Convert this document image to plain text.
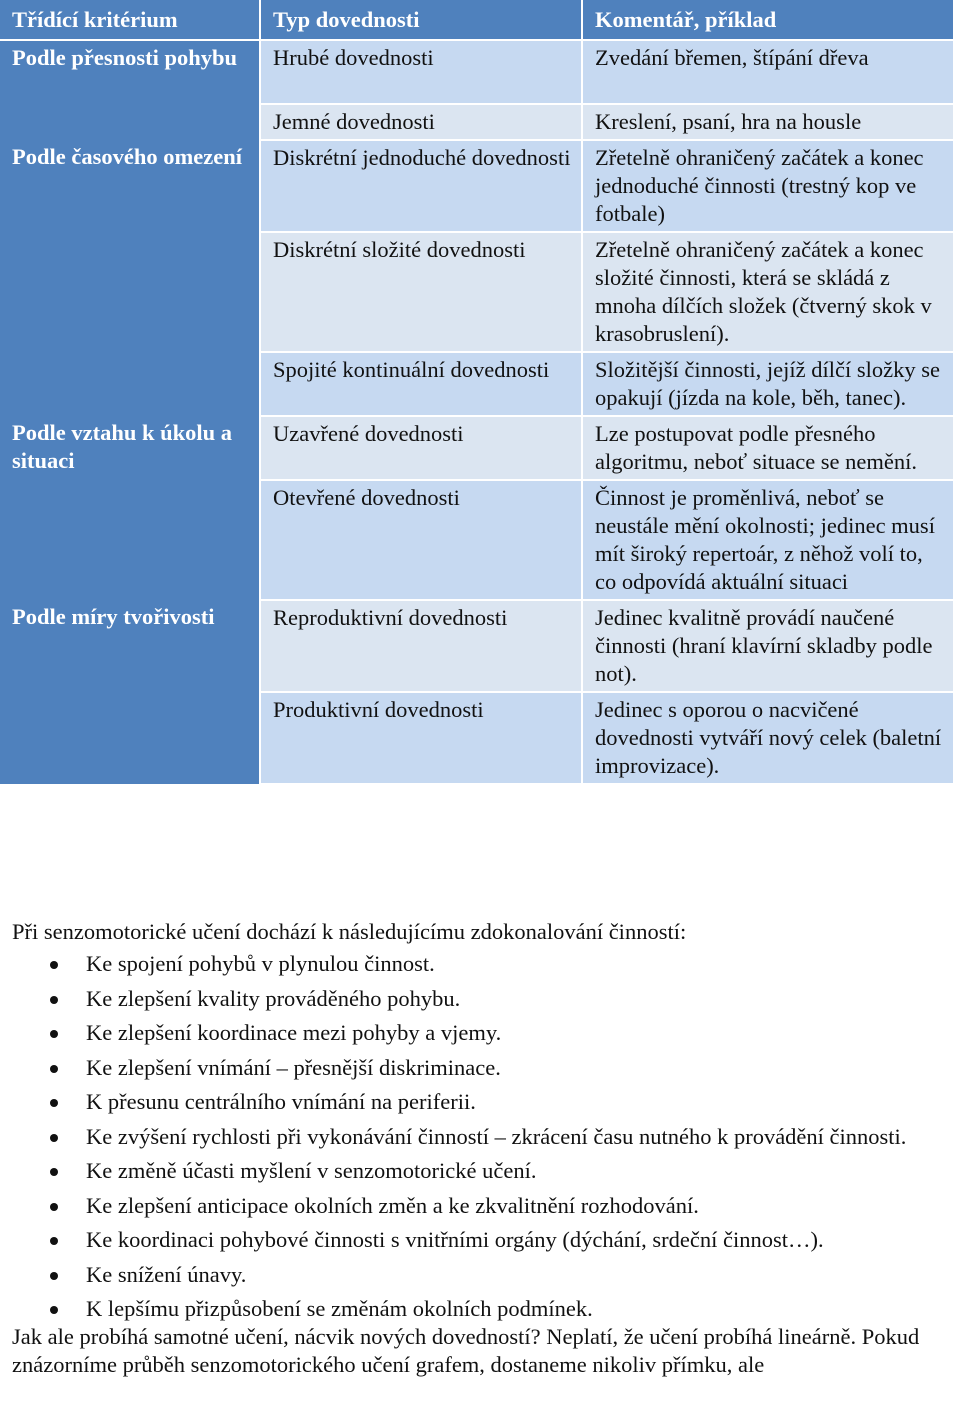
Třídící kritérium	Typ dovednosti	Komentář, příklad
Podle přesnosti pohybu	Hrubé dovednosti	Zvedání břemen, štípání dřeva
	Jemné dovednosti	Kreslení, psaní, hra na housle
Podle časového omezení	Diskrétní jednoduché dovednosti	Zřetelně ohraničený začátek a konec jednoduché činnosti (trestný kop ve fotbale)
	Diskrétní složité dovednosti	Zřetelně ohraničený začátek a konec složité činnosti, která se skládá z mnoha dílčích složek (čtverný skok v krasobruslení).
	Spojité kontinuální dovednosti	Složitější činnosti, jejíž dílčí složky se opakují (jízda na kole, běh, tanec).
Podle vztahu k úkolu a situaci	Uzavřené dovednosti	Lze postupovat podle přesného algoritmu, neboť situace se nemění.
	Otevřené dovednosti	Činnost je proměnlivá, neboť se neustále mění okolnosti; jedinec musí mít široký repertoár, z něhož volí to, co odpovídá aktuální situaci
Podle míry tvořivosti	Reproduktivní dovednosti	Jedinec kvalitně provádí naučené činnosti (hraní klavírní skladby podle not).
	Produktivní dovednosti	Jedinec s oporou o nacvičené dovednosti vytváří nový celek (baletní improvizace).

Při senzomotorické učení dochází k následujícímu zdokonalování činností:

Ke spojení pohybů v plynulou činnost.
Ke zlepšení kvality prováděného pohybu.
Ke zlepšení koordinace mezi pohyby a vjemy.
Ke zlepšení vnímání – přesnější diskriminace.
K přesunu centrálního vnímání na periferii.
Ke zvýšení rychlosti při vykonávání činností – zkrácení času nutného k provádění činnosti.
Ke změně účasti myšlení v senzomotorické učení.
Ke zlepšení anticipace okolních změn a ke zkvalitnění rozhodování.
Ke koordinaci pohybové činnosti s vnitřními orgány (dýchání, srdeční činnost…).
Ke snížení únavy.
K lepšímu přizpůsobení se změnám okolních podmínek.

Jak ale probíhá samotné učení, nácvik nových dovedností? Neplatí, že učení probíhá lineárně. Pokud znázorníme průběh senzomotorického učení grafem, dostaneme nikoliv přímku, ale
